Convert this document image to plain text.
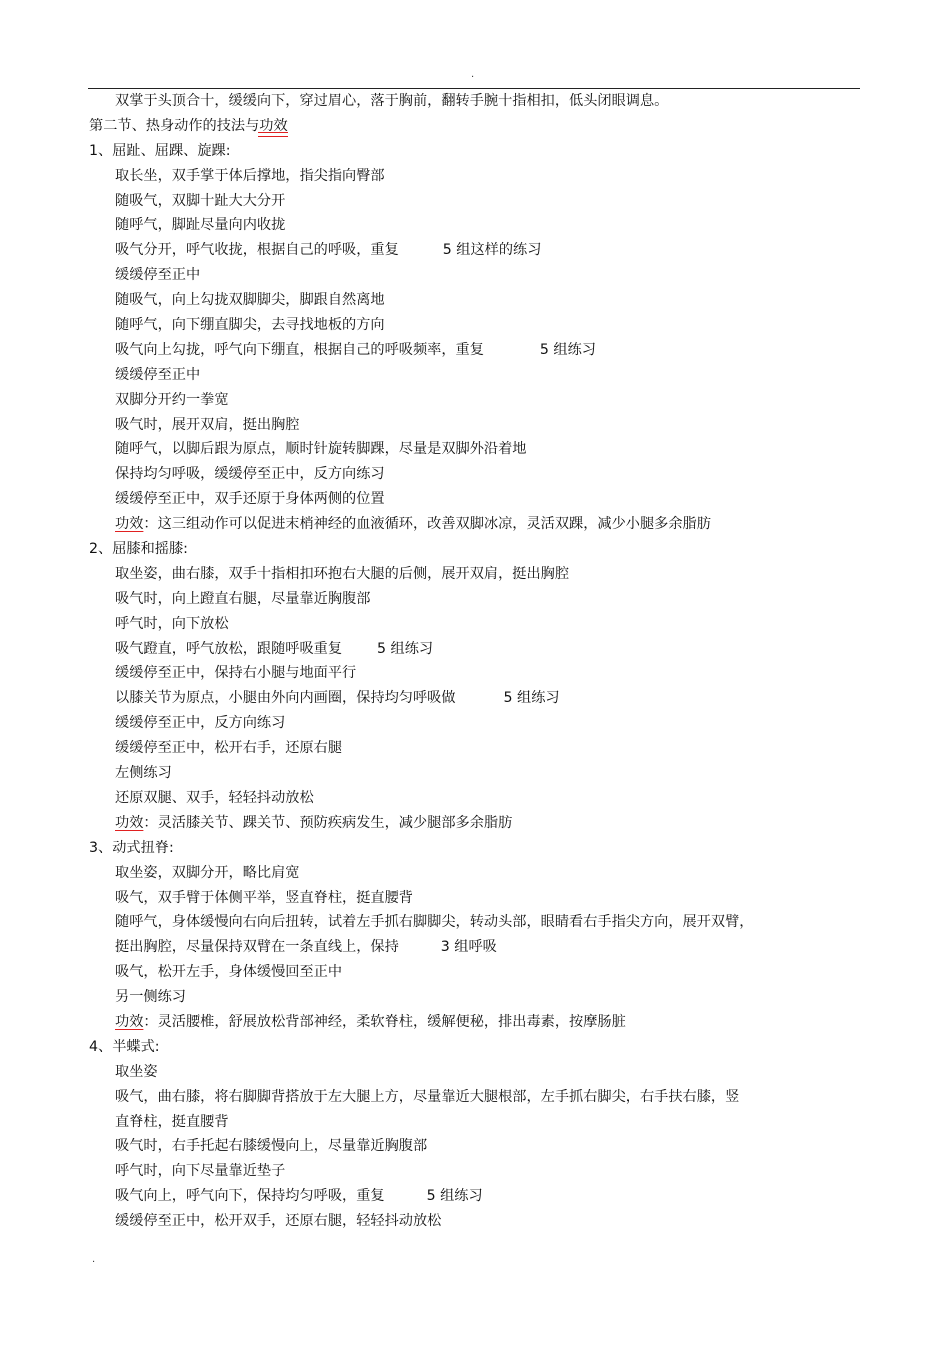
.
双掌于头顶合十，缓缓向下，穿过眉心，落于胸前，翻转手腕十指相扣，低头闭眼调息。
第二节、热身动作的技法与功效
1、屈趾、屈踝、旋踝:
取长坐，双手掌于体后撑地，指尖指向臀部
随吸气，双脚十趾大大分开
随呼气，脚趾尽量向内收拢
吸气分开，呼气收拢，根据自己的呼吸，重复	5 组这样的练习
缓缓停至正中
随吸气，向上勾拢双脚脚尖，脚跟自然离地
随呼气，向下绷直脚尖，去寻找地板的方向
吸气向上勾拢，呼气向下绷直，根据自己的呼吸频率，重复	5 组练习
缓缓停至正中
双脚分开约一拳宽
吸气时，展开双肩，挺出胸腔
随呼气，以脚后跟为原点，顺时针旋转脚踝，尽量是双脚外沿着地
保持均匀呼吸，缓缓停至正中，反方向练习
缓缓停至正中，双手还原于身体两侧的位置
功效：这三组动作可以促进末梢神经的血液循环，改善双脚冰凉，灵活双踝，减少小腿多余脂肪
2、屈膝和摇膝:
取坐姿，曲右膝，双手十指相扣环抱右大腿的后侧，展开双肩，挺出胸腔
吸气时，向上蹬直右腿，尽量靠近胸腹部
呼气时，向下放松
吸气蹬直，呼气放松，跟随呼吸重复 5 组练习
缓缓停至正中，保持右小腿与地面平行
以膝关节为原点，小腿由外向内画圈，保持均匀呼吸做	5 组练习
缓缓停至正中，反方向练习
缓缓停至正中，松开右手，还原右腿
左侧练习
还原双腿、双手，轻轻抖动放松
功效：灵活膝关节、踝关节、预防疾病发生，减少腿部多余脂肪
3、动式扭脊:
取坐姿，双脚分开，略比肩宽
吸气，双手臂于体侧平举，竖直脊柱，挺直腰背
随呼气，身体缓慢向右向后扭转，试着左手抓右脚脚尖，转动头部，眼睛看右手指尖方向，展开双臂，
挺出胸腔，尽量保持双臂在一条直线上，保持	3 组呼吸
吸气，松开左手，身体缓慢回至正中
另一侧练习
功效：灵活腰椎，舒展放松背部神经，柔软脊柱，缓解便秘，排出毒素，按摩肠脏
4、半蝶式:
取坐姿
吸气，曲右膝，将右脚脚背搭放于左大腿上方，尽量靠近大腿根部，左手抓右脚尖，右手扶右膝，竖
直脊柱，挺直腰背
吸气时，右手托起右膝缓慢向上，尽量靠近胸腹部
呼气时，向下尽量靠近垫子
吸气向上，呼气向下，保持均匀呼吸，重复	5 组练习
缓缓停至正中，松开双手，还原右腿，轻轻抖动放松
.
